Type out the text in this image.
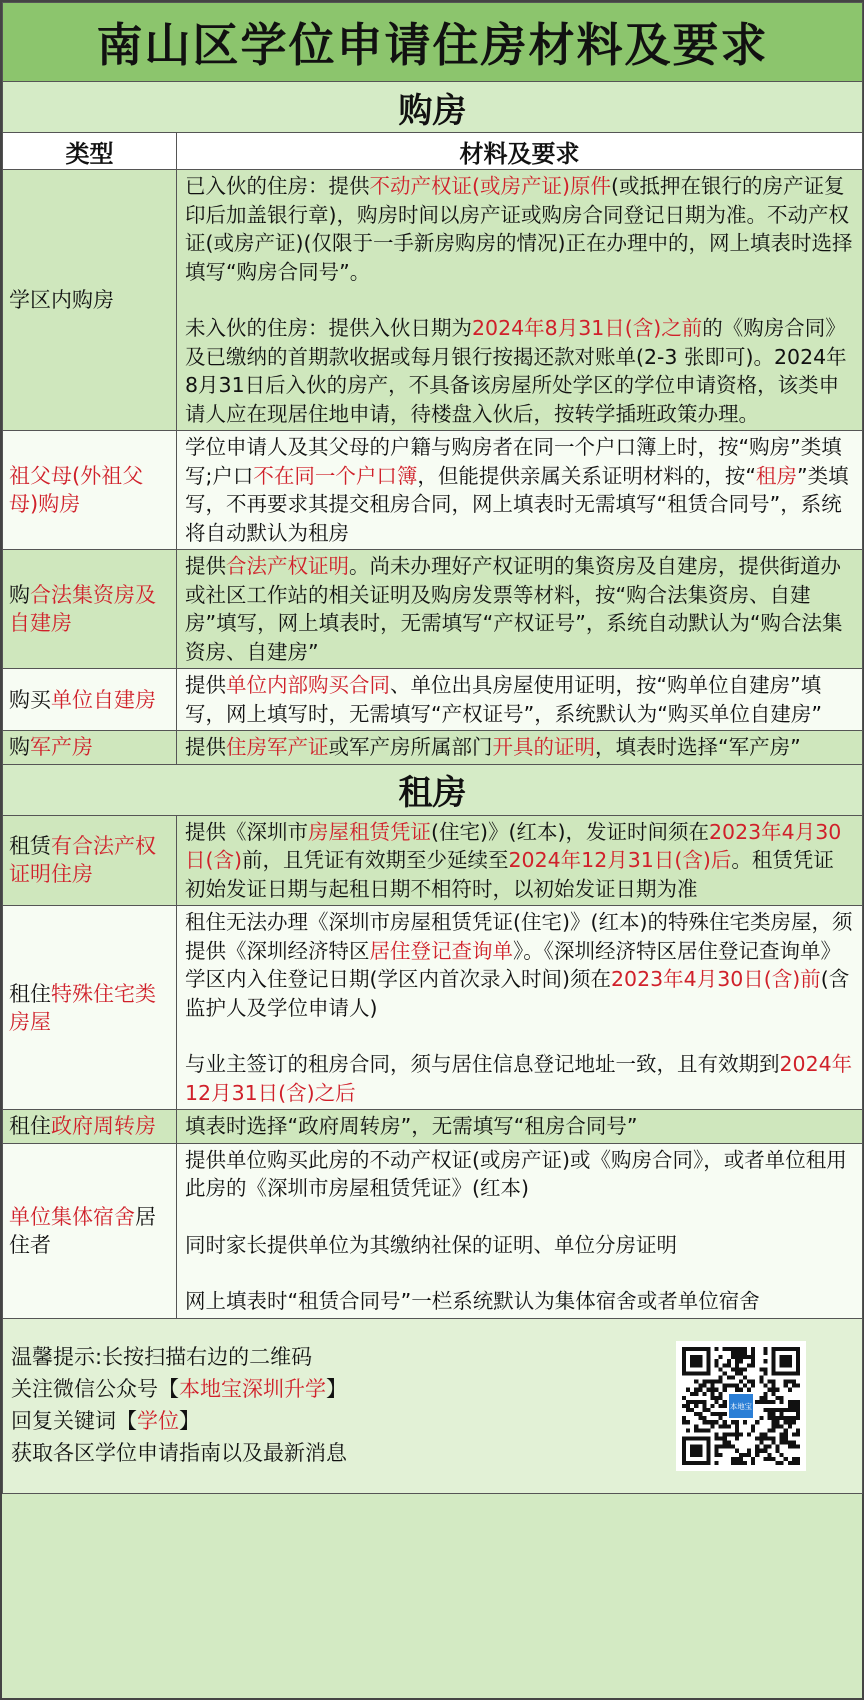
南山区学位申请住房材料及要求	
购房	
类型	材料及要求
学区内购房	已入伙的住房：提供不动产权证(或房产证)原件(或抵押在银行的房产证复印后加盖银行章)，购房时间以房产证或购房合同登记日期为准。不动产权证(或房产证)(仅限于一手新房购房的情况)正在办理中的，网上填表时选择填写“购房合同号”。
未入伙的住房：提供入伙日期为2024年8月31日(含)之前的《购房合同》及已缴纳的首期款收据或每月银行按揭还款对账单(2-3 张即可)。2024年8月31日后入伙的房产，不具备该房屋所处学区的学位申请资格，该类申请人应在现居住地申请，待楼盘入伙后，按转学插班政策办理。

祖父母(外祖父母)购房	学位申请人及其父母的户籍与购房者在同一个户口簿上时，按“购房”类填写;户口不在同一个户口簿，但能提供亲属关系证明材料的，按“租房”类填写，不再要求其提交租房合同，网上填表时无需填写“租赁合同号”，系统将自动默认为租房

购合法集资房及自建房	提供合法产权证明。尚未办理好产权证明的集资房及自建房，提供街道办或社区工作站的相关证明及购房发票等材料，按“购合法集资房、自建房”填写，网上填表时，无需填写“产权证号”，系统自动默认为“购合法集资房、自建房”

购买单位自建房	提供单位内部购买合同、单位出具房屋使用证明，按“购单位自建房”填写，网上填写时，无需填写“产权证号”，系统默认为“购买单位自建房”

购军产房	提供住房军产证或军产房所属部门开具的证明，填表时选择“军产房”

租房	
租赁有合法产权证明住房	提供《深圳市房屋租赁凭证(住宅)》(红本)，发证时间须在2023年4月30日(含)前，且凭证有效期至少延续至2024年12月31日(含)后。租赁凭证初始发证日期与起租日期不相符时，以初始发证日期为准

租住特殊住宅类房屋	租住无法办理《深圳市房屋租赁凭证(住宅)》(红本)的特殊住宅类房屋，须提供《深圳经济特区居住登记查询单》。《深圳经济特区居住登记查询单》学区内入住登记日期(学区内首次录入时间)须在2023年4月30日(含)前(含监护人及学位申请人)
与业主签订的租房合同，须与居住信息登记地址一致，且有效期到2024年12月31日(含)之后

租住政府周转房	填表时选择“政府周转房”，无需填写“租房合同号”

单位集体宿舍居住者	提供单位购买此房的不动产权证(或房产证)或《购房合同》，或者单位租用此房的《深圳市房屋租赁凭证》(红本)
同时家长提供单位为其缴纳社保的证明、单位分房证明
网上填表时“租赁合同号”一栏系统默认为集体宿舍或者单位宿舍

温馨提示:长按扫描右边的二维码
关注微信公众号【本地宝深圳升学】
回复关键词【学位】
获取各区学位申请指南以及最新消息
本地宝	
